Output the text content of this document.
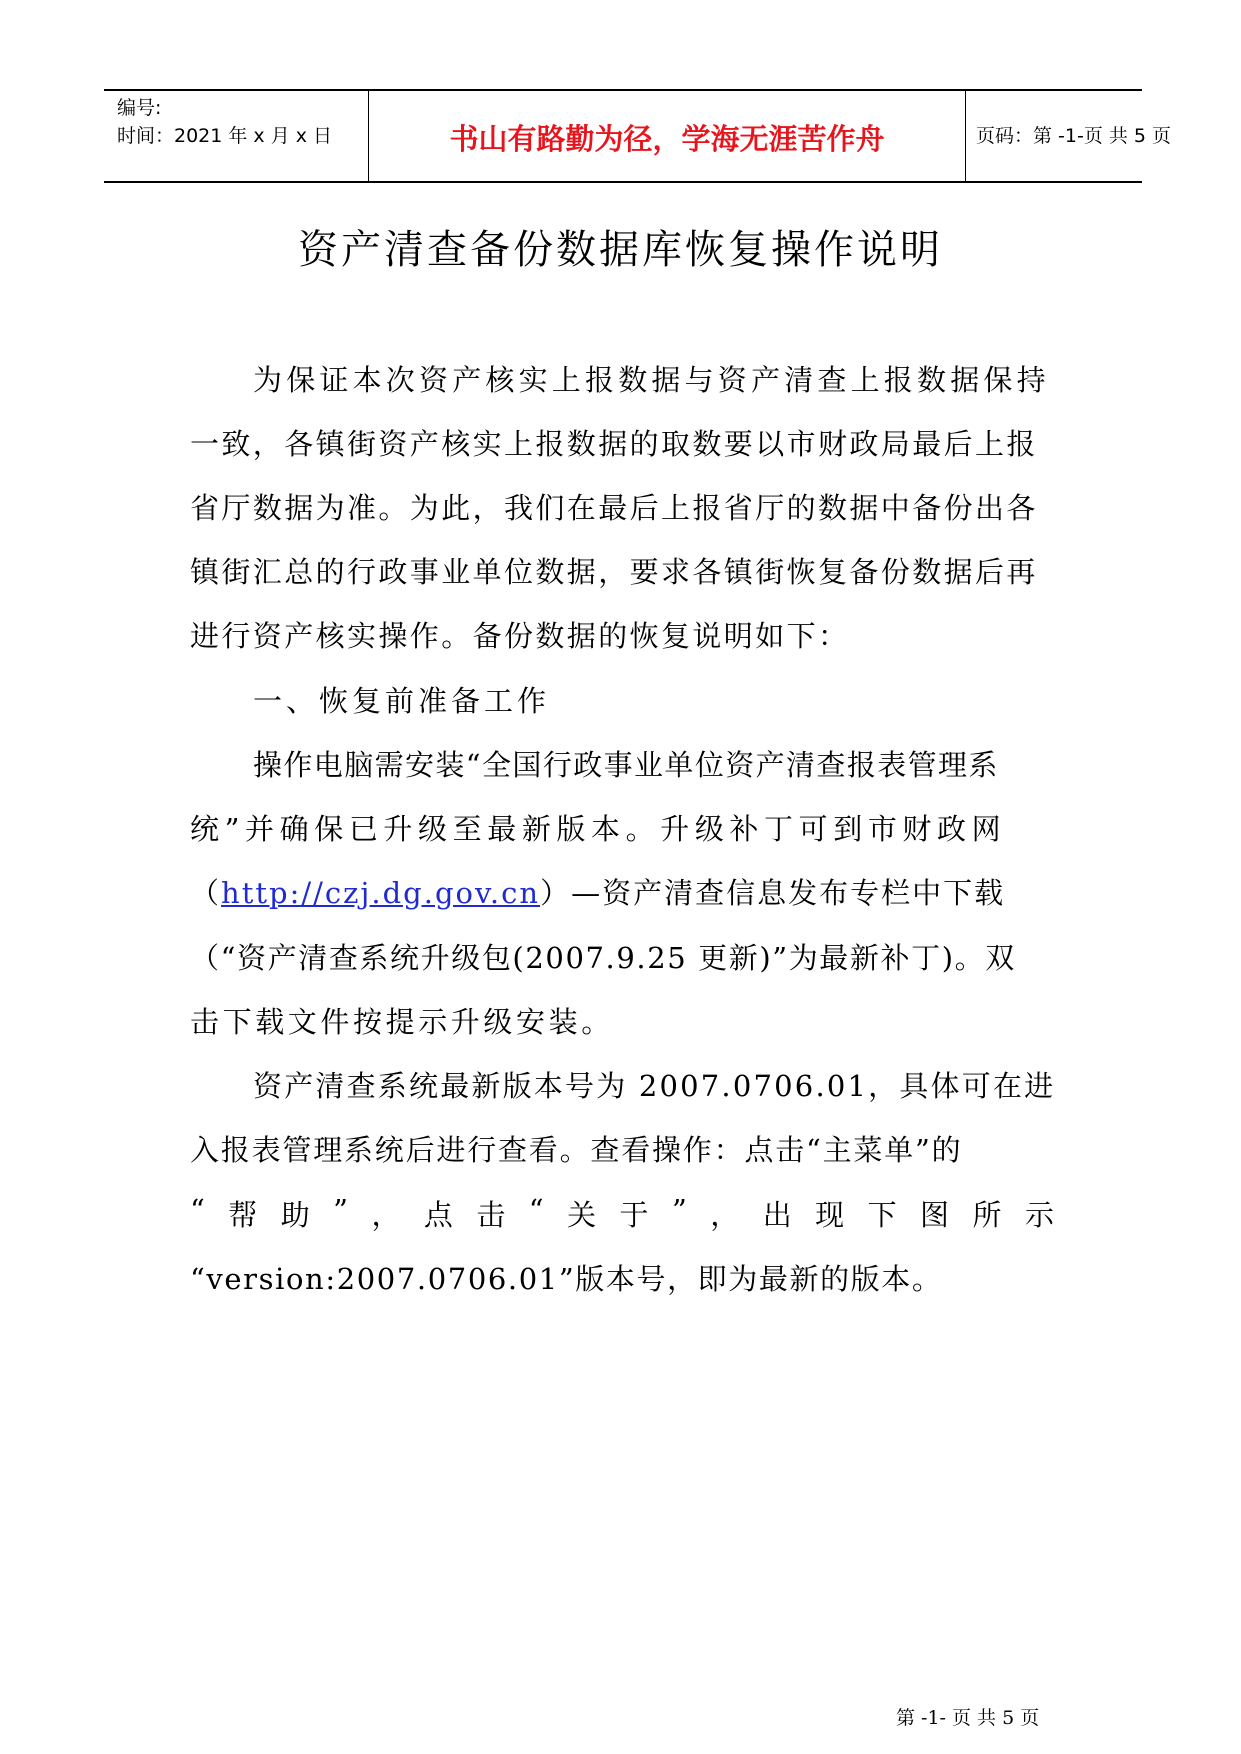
编号:
时间：2021 年 x 月 x 日	书山有路勤为径，学海无涯苦作舟	页码：第 -1-页 共 5 页
资产清查备份数据库恢复操作说明
为保证本次资产核实上报数据与资产清查上报数据保持
一致，各镇街资产核实上报数据的取数要以市财政局最后上报
省厅数据为准。为此，我们在最后上报省厅的数据中备份出各
镇街汇总的行政事业单位数据，要求各镇街恢复备份数据后再
进行资产核实操作。备份数据的恢复说明如下：
一、恢复前准备工作
操作电脑需安装“全国行政事业单位资产清查报表管理系
统”并确保已升级至最新版本。升级补丁可到市财政网
（http://czj.dg.gov.cn）—资产清查信息发布专栏中下载
（“资产清查系统升级包(2007.9.25 更新)”为最新补丁)。双
击下载文件按提示升级安装。
资产清查系统最新版本号为 2007.0706.01，具体可在进
入报表管理系统后进行查看。查看操作：点击“主菜单”的
“ 帮 助 ” ， 点 击 “ 关 于 ” ， 出 现 下 图 所 示
“version:2007.0706.01”版本号，即为最新的版本。
第 -1- 页 共 5 页
